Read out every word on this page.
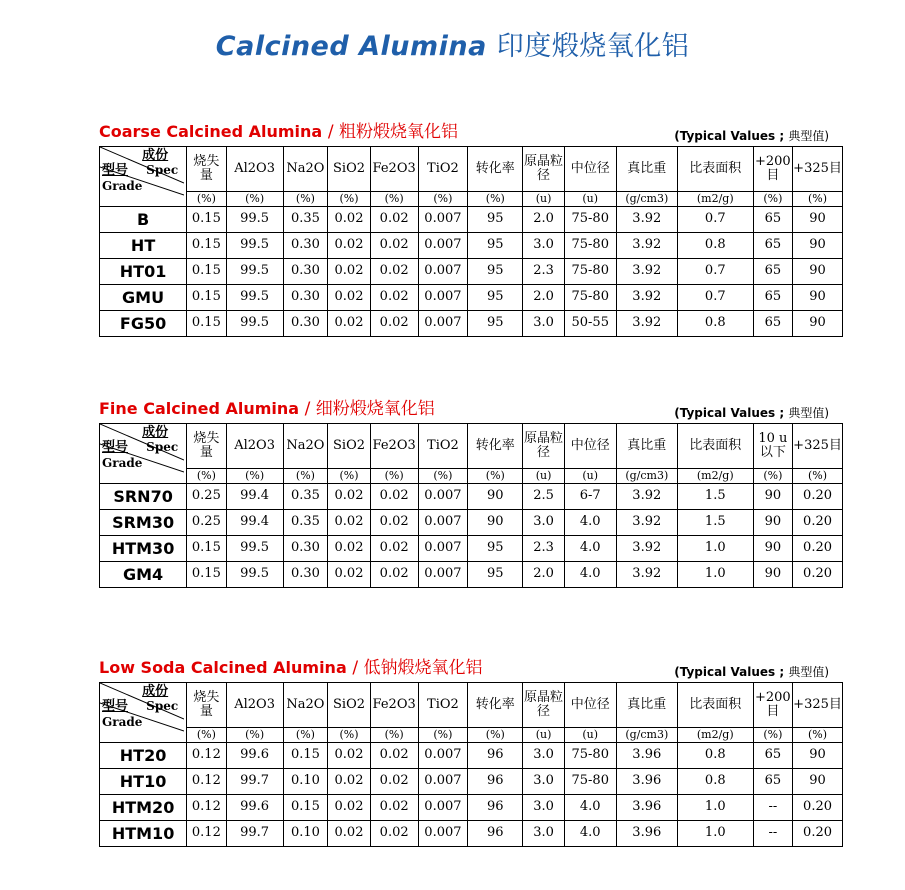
Calcined Alumina 印度煅烧氧化铝
Coarse Calcined Alumina / 粗粉煅烧氧化铝	(Typical Values ; 典型值)
成份
型号 Spec
Grade	烧失量	Al2O3	Na2O	SiO2	Fe2O3	TiO2	转化率	原晶粒径	中位径	真比重	比表面积	+200目	+325目
	(%)	(%)	(%)	(%)	(%)	(%)	(%)	(u)	(u)	(g/cm3)	(m2/g)	(%)	(%)
B	0.15	99.5	0.35	0.02	0.02	0.007	95	2.0	75-80	3.92	0.7	65	90
HT	0.15	99.5	0.30	0.02	0.02	0.007	95	3.0	75-80	3.92	0.8	65	90
HT01	0.15	99.5	0.30	0.02	0.02	0.007	95	2.3	75-80	3.92	0.7	65	90
GMU	0.15	99.5	0.30	0.02	0.02	0.007	95	2.0	75-80	3.92	0.7	65	90
FG50	0.15	99.5	0.30	0.02	0.02	0.007	95	3.0	50-55	3.92	0.8	65	90
Fine Calcined Alumina / 细粉煅烧氧化铝	(Typical Values ; 典型值)
成份
型号 Spec
Grade	烧失量	Al2O3	Na2O	SiO2	Fe2O3	TiO2	转化率	原晶粒径	中位径	真比重	比表面积	10 u以下	+325目
	(%)	(%)	(%)	(%)	(%)	(%)	(%)	(u)	(u)	(g/cm3)	(m2/g)	(%)	(%)
SRN70	0.25	99.4	0.35	0.02	0.02	0.007	90	2.5	6-7	3.92	1.5	90	0.20
SRM30	0.25	99.4	0.35	0.02	0.02	0.007	90	3.0	4.0	3.92	1.5	90	0.20
HTM30	0.15	99.5	0.30	0.02	0.02	0.007	95	2.3	4.0	3.92	1.0	90	0.20
GM4	0.15	99.5	0.30	0.02	0.02	0.007	95	2.0	4.0	3.92	1.0	90	0.20
Low Soda Calcined Alumina / 低钠煅烧氧化铝	(Typical Values ; 典型值)
成份
型号 Spec
Grade	烧失量	Al2O3	Na2O	SiO2	Fe2O3	TiO2	转化率	原晶粒径	中位径	真比重	比表面积	+200目	+325目
	(%)	(%)	(%)	(%)	(%)	(%)	(%)	(u)	(u)	(g/cm3)	(m2/g)	(%)	(%)
HT20	0.12	99.6	0.15	0.02	0.02	0.007	96	3.0	75-80	3.96	0.8	65	90
HT10	0.12	99.7	0.10	0.02	0.02	0.007	96	3.0	75-80	3.96	0.8	65	90
HTM20	0.12	99.6	0.15	0.02	0.02	0.007	96	3.0	4.0	3.96	1.0	--	0.20
HTM10	0.12	99.7	0.10	0.02	0.02	0.007	96	3.0	4.0	3.96	1.0	--	0.20
